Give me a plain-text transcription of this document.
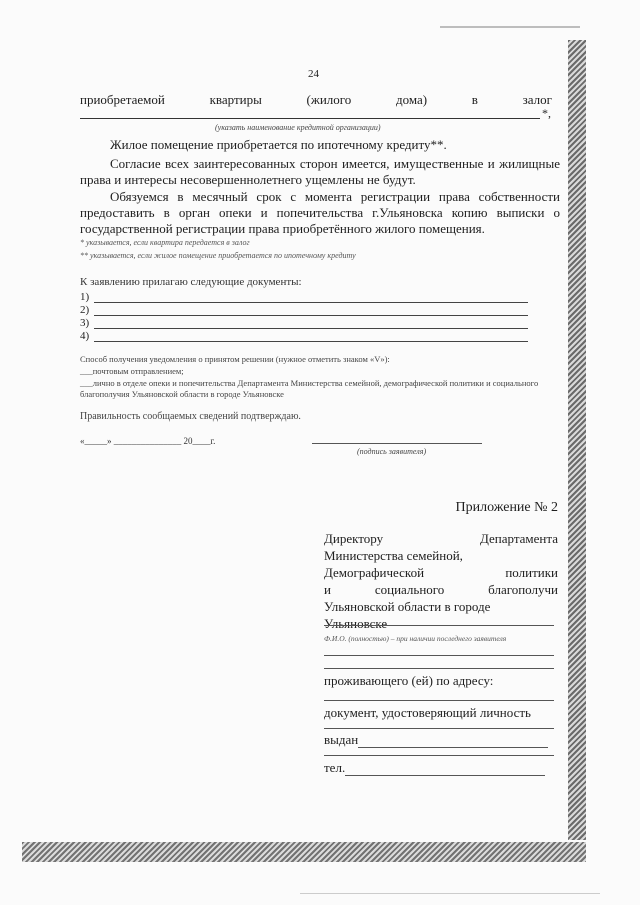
24
приобретаемой	квартиры	(жилого	дома)	в	залог
*,
(указать наименование кредитной организации)
Жилое помещение приобретается по ипотечному кредиту**.
Согласие всех заинтересованных сторон имеется, имущественные и жилищные права и интересы несовершеннолетнего ущемлены не будут.
Обязуемся в месячный срок с момента регистрации права собственности предоставить в орган опеки и попечительства г.Ульяновска копию выписки о государственной регистрации права приобретённого жилого помещения.
* указывается, если квартира передается в залог
** указывается, если жилое помещение приобретается по ипотечному кредиту
К заявлению прилагаю следующие документы:
1)
2)
3)
4)
Способ получения уведомления о принятом решении (нужное отметить знаком «V»):
___почтовым отправлением;
___лично в отделе опеки и попечительства Департамента Министерства семейной, демографической политики и социального благополучия Ульяновской области в городе Ульяновске
Правильность сообщаемых сведений подтверждаю.
«_____» _______________ 20____г.
(подпись заявителя)
Приложение № 2
Директору Департамента
Министерства семейной,
Демографической политики
и социального благополучи
Ульяновской области в городе
Ульяновске
Ф.И.О. (полностью) – при наличии последнего заявителя
проживающего (ей) по адресу:
документ, удостоверяющий личность
выдан
тел.
